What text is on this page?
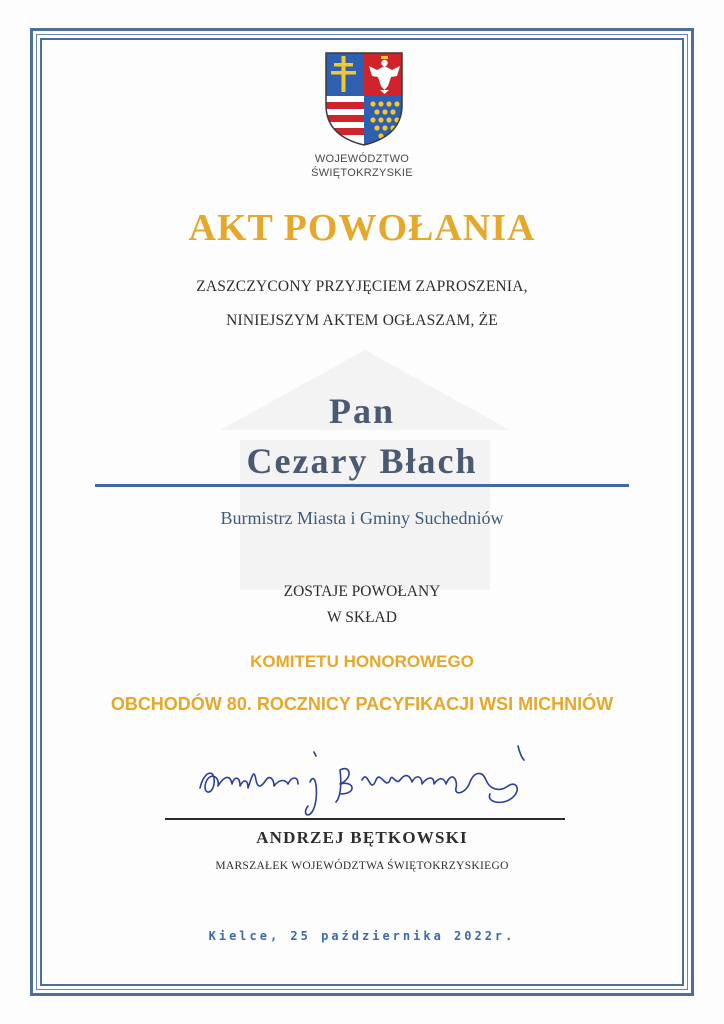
WOJEWÓDZTWO
ŚWIĘTOKRZYSKIE
AKT POWOŁANIA
ZASZCZYCONY PRZYJĘCIEM ZAPROSZENIA,
NINIEJSZYM AKTEM OGŁASZAM, ŻE
Pan
Cezary Błach
Burmistrz Miasta i Gminy Suchedniów
ZOSTAJE POWOŁANY
W SKŁAD
KOMITETU HONOROWEGO
OBCHODÓW 80. ROCZNICY PACYFIKACJI WSI MICHNIÓW
ANDRZEJ BĘTKOWSKI
MARSZAŁEK WOJEWÓDZTWA ŚWIĘTOKRZYSKIEGO
Kielce, 25 października 2022r.
